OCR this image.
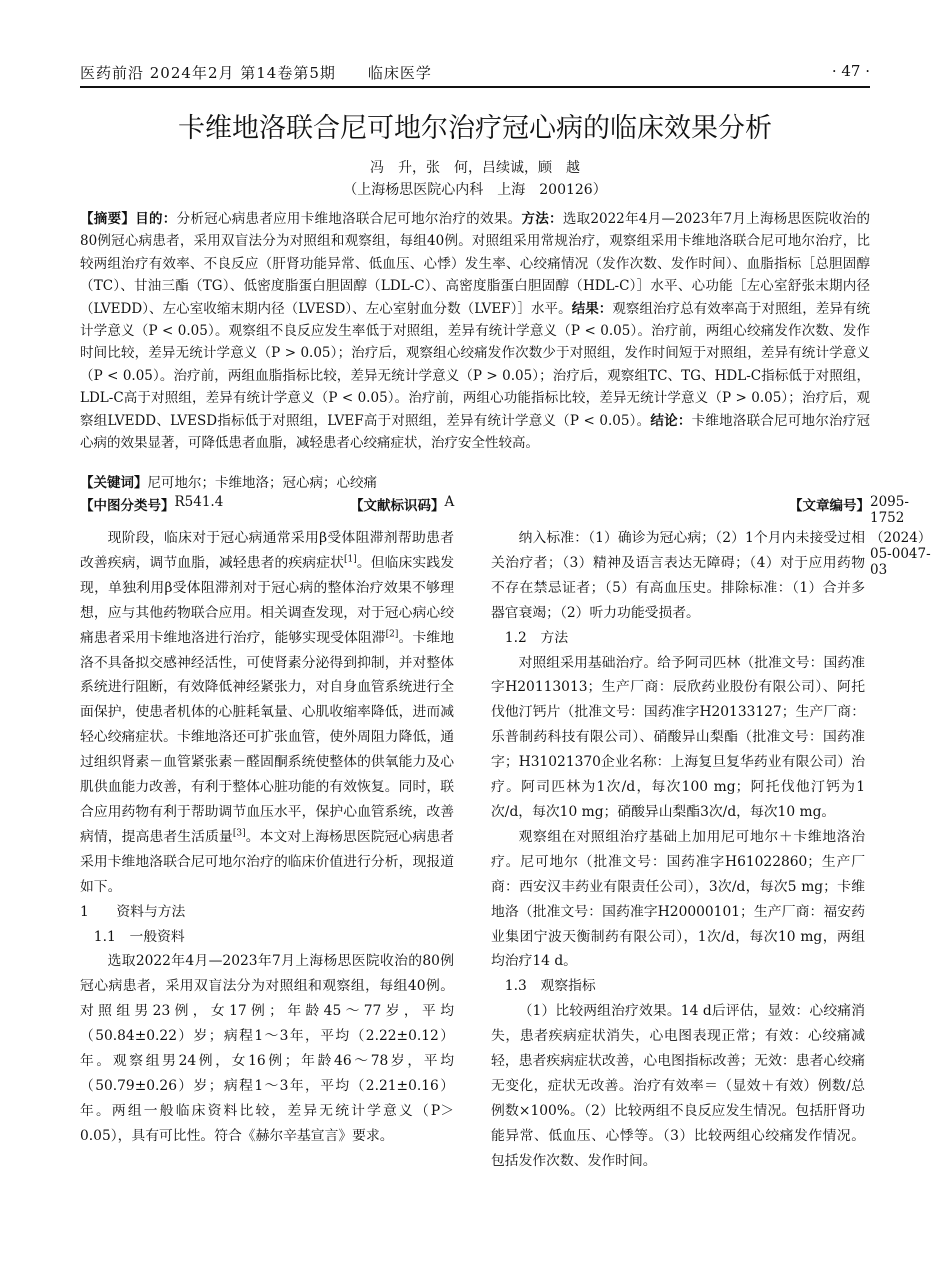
医药前沿 2024年2月 第14卷第5期　　 临床医学	· 47 ·
卡维地洛联合尼可地尔治疗冠心病的临床效果分析
冯　升，张　何，吕续诚，顾　越
（上海杨思医院心内科　上海　200126）
【摘要】目的：分析冠心病患者应用卡维地洛联合尼可地尔治疗的效果。方法：选取2022年4月—2023年7月上海杨思医院收治的80例冠心病患者，采用双盲法分为对照组和观察组，每组40例。对照组采用常规治疗，观察组采用卡维地洛联合尼可地尔治疗，比较两组治疗有效率、不良反应（肝肾功能异常、低血压、心悸）发生率、心绞痛情况（发作次数、发作时间）、血脂指标［总胆固醇（TC）、甘油三酯（TG）、低密度脂蛋白胆固醇（LDL-C）、高密度脂蛋白胆固醇（HDL-C）］水平、心功能［左心室舒张末期内径（LVEDD）、左心室收缩末期内径（LVESD）、左心室射血分数（LVEF）］水平。结果：观察组治疗总有效率高于对照组，差异有统计学意义（P < 0.05）。观察组不良反应发生率低于对照组，差异有统计学意义（P < 0.05）。治疗前，两组心绞痛发作次数、发作时间比较，差异无统计学意义（P > 0.05）；治疗后，观察组心绞痛发作次数少于对照组，发作时间短于对照组，差异有统计学意义（P < 0.05）。治疗前，两组血脂指标比较，差异无统计学意义（P > 0.05）；治疗后，观察组TC、TG、HDL-C指标低于对照组，LDL-C高于对照组，差异有统计学意义（P < 0.05）。治疗前，两组心功能指标比较，差异无统计学意义（P > 0.05）；治疗后，观察组LVEDD、LVESD指标低于对照组，LVEF高于对照组，差异有统计学意义（P < 0.05）。结论：卡维地洛联合尼可地尔治疗冠心病的效果显著，可降低患者血脂，减轻患者心绞痛症状，治疗安全性较高。
【关键词】尼可地尔；卡维地洛；冠心病；心绞痛
【中图分类号】 R541.4	【文献标识码】 A	【文章编号】 2095-1752（2024）05-0047-03

现阶段，临床对于冠心病通常采用β受体阻滞剂帮助患者改善疾病，调节血脂，减轻患者的疾病症状[1]。但临床实践发现，单独利用β受体阻滞剂对于冠心病的整体治疗效果不够理想，应与其他药物联合应用。相关调查发现，对于冠心病心绞痛患者采用卡维地洛进行治疗，能够实现受体阻滞[2]。卡维地洛不具备拟交感神经活性，可使肾素分泌得到抑制，并对整体系统进行阻断，有效降低神经紧张力，对自身血管系统进行全面保护，使患者机体的心脏耗氧量、心肌收缩率降低，进而减轻心绞痛症状。卡维地洛还可扩张血管，使外周阻力降低，通过组织肾素－血管紧张素－醛固酮系统使整体的供氧能力及心肌供血能力改善，有利于整体心脏功能的有效恢复。同时，联合应用药物有利于帮助调节血压水平，保护心血管系统，改善病情，提高患者生活质量[3]。本文对上海杨思医院冠心病患者采用卡维地洛联合尼可地尔治疗的临床价值进行分析，现报道如下。

1　　资料与方法

1.1　一般资料

选取2022年4月—2023年7月上海杨思医院收治的80例冠心病患者，采用双盲法分为对照组和观察组，每组40例。对照组男23例，女17例；年龄45～77岁，平均（50.84±0.22）岁；病程1～3年，平均（2.22±0.12）年。观察组男24例，女16例；年龄46～78岁，平均（50.79±0.26）岁；病程1～3年，平均（2.21±0.16）年。两组一般临床资料比较，差异无统计学意义（P＞0.05），具有可比性。符合《赫尔辛基宣言》要求。

纳入标准：（1）确诊为冠心病；（2）1个月内未接受过相关治疗者；（3）精神及语言表达无障碍；（4）对于应用药物不存在禁忌证者；（5）有高血压史。排除标准：（1）合并多器官衰竭；（2）听力功能受损者。

1.2　方法

对照组采用基础治疗。给予阿司匹林（批准文号：国药准字H20113013；生产厂商：辰欣药业股份有限公司）、阿托伐他汀钙片（批准文号：国药准字H20133127；生产厂商：乐普制药科技有限公司）、硝酸异山梨酯（批准文号：国药准字；H31021370企业名称：上海复旦复华药业有限公司）治疗。阿司匹林为1次/d，每次100 mg；阿托伐他汀钙为1次/d，每次10 mg；硝酸异山梨酯3次/d，每次10 mg。

观察组在对照组治疗基础上加用尼可地尔＋卡维地洛治疗。尼可地尔（批准文号：国药准字H61022860；生产厂商：西安汉丰药业有限责任公司），3次/d，每次5 mg；卡维地洛（批准文号：国药准字H20000101；生产厂商：福安药业集团宁波天衡制药有限公司），1次/d，每次10 mg，两组均治疗14 d。

1.3　观察指标

（1）比较两组治疗效果。14 d后评估，显效：心绞痛消失，患者疾病症状消失，心电图表现正常；有效：心绞痛减轻，患者疾病症状改善，心电图指标改善；无效：患者心绞痛无变化，症状无改善。治疗有效率＝（显效＋有效）例数/总例数×100%。（2）比较两组不良反应发生情况。包括肝肾功能异常、低血压、心悸等。（3）比较两组心绞痛发作情况。包括发作次数、发作时间。
